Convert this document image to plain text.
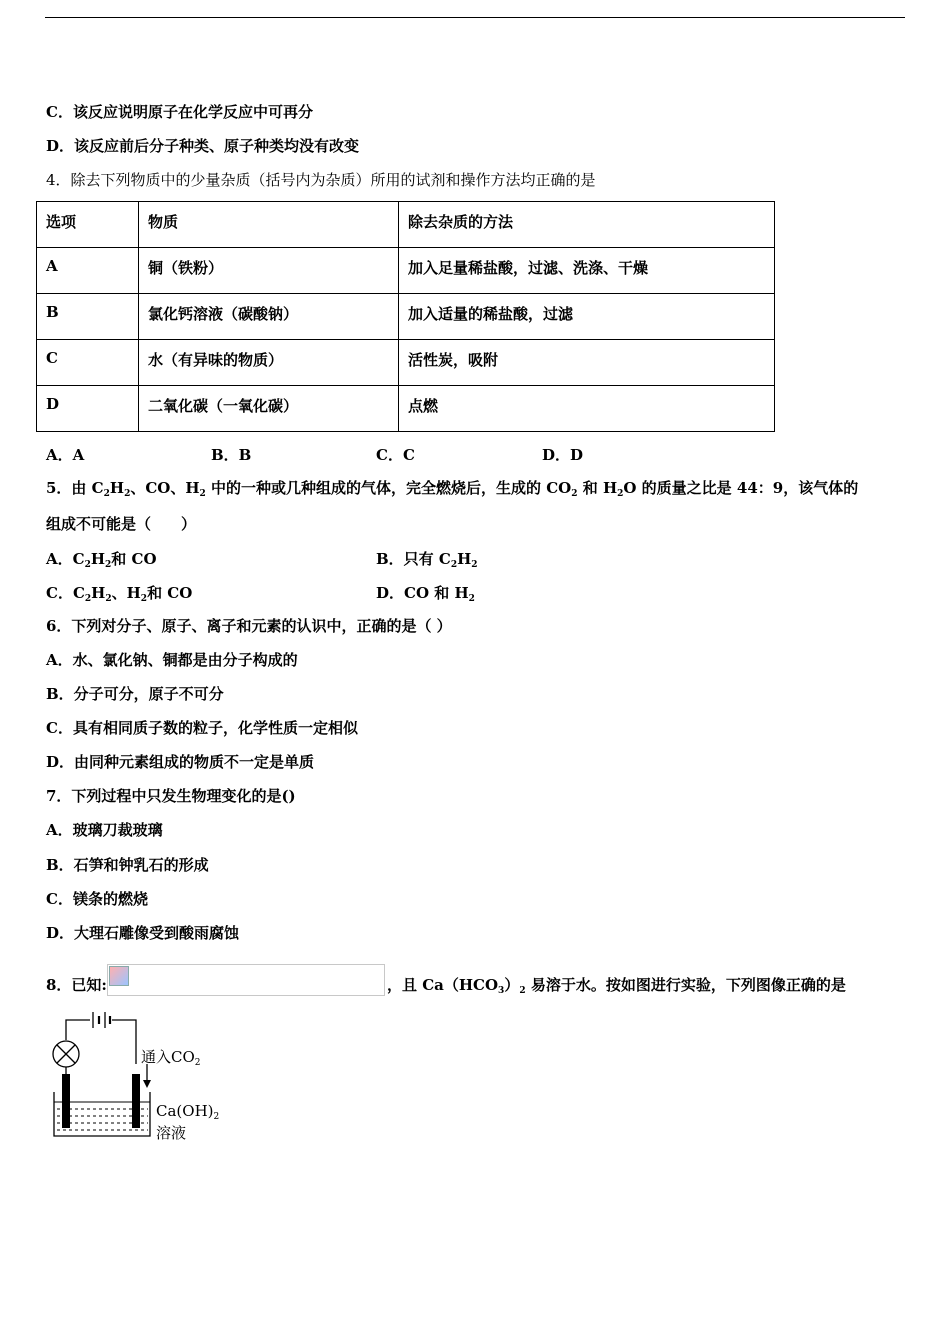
C．该反应说明原子在化学反应中可再分
D．该反应前后分子种类、原子种类均没有改变
4．除去下列物质中的少量杂质（括号内为杂质）所用的试剂和操作方法均正确的是
选项	物质	除去杂质的方法
A	铜（铁粉）	加入足量稀盐酸，过滤、洗涤、干燥
B	氯化钙溶液（碳酸钠）	加入适量的稀盐酸，过滤
C	水（有异味的物质）	活性炭，吸附
D	二氧化碳（一氧化碳）	点燃
A．A	B．B	C．C	D．D
5．由 $C_2H_2$、CO、$H_2$ 中的一种或几种组成的气体，完全燃烧后，生成的 $CO_2$ 和 $H_2O$ 的质量之比是 44：9，该气体的
组成不可能是（　　）
A．$C_2H_2$和 CO	B．只有 $C_2H_2$
C．$C_2H_2$、$H_2$和 CO	D．CO 和 $H_2$
6．下列对分子、原子、离子和元素的认识中，正确的是（ ）
A．水、氯化钠、铜都是由分子构成的
B．分子可分，原子不可分
C．具有相同质子数的粒子，化学性质一定相似
D．由同种元素组成的物质不一定是单质
7．下列过程中只发生物理变化的是()
A．玻璃刀裁玻璃
B．石笋和钟乳石的形成
C．镁条的燃烧
D．大理石雕像受到酸雨腐蚀
8．已知:	，且 $Ca(HCO_3)_2$ 易溶于水。按如图进行实验，下列图像正确的是
通入$CO_2$
$Ca(OH)_2$
溶液
